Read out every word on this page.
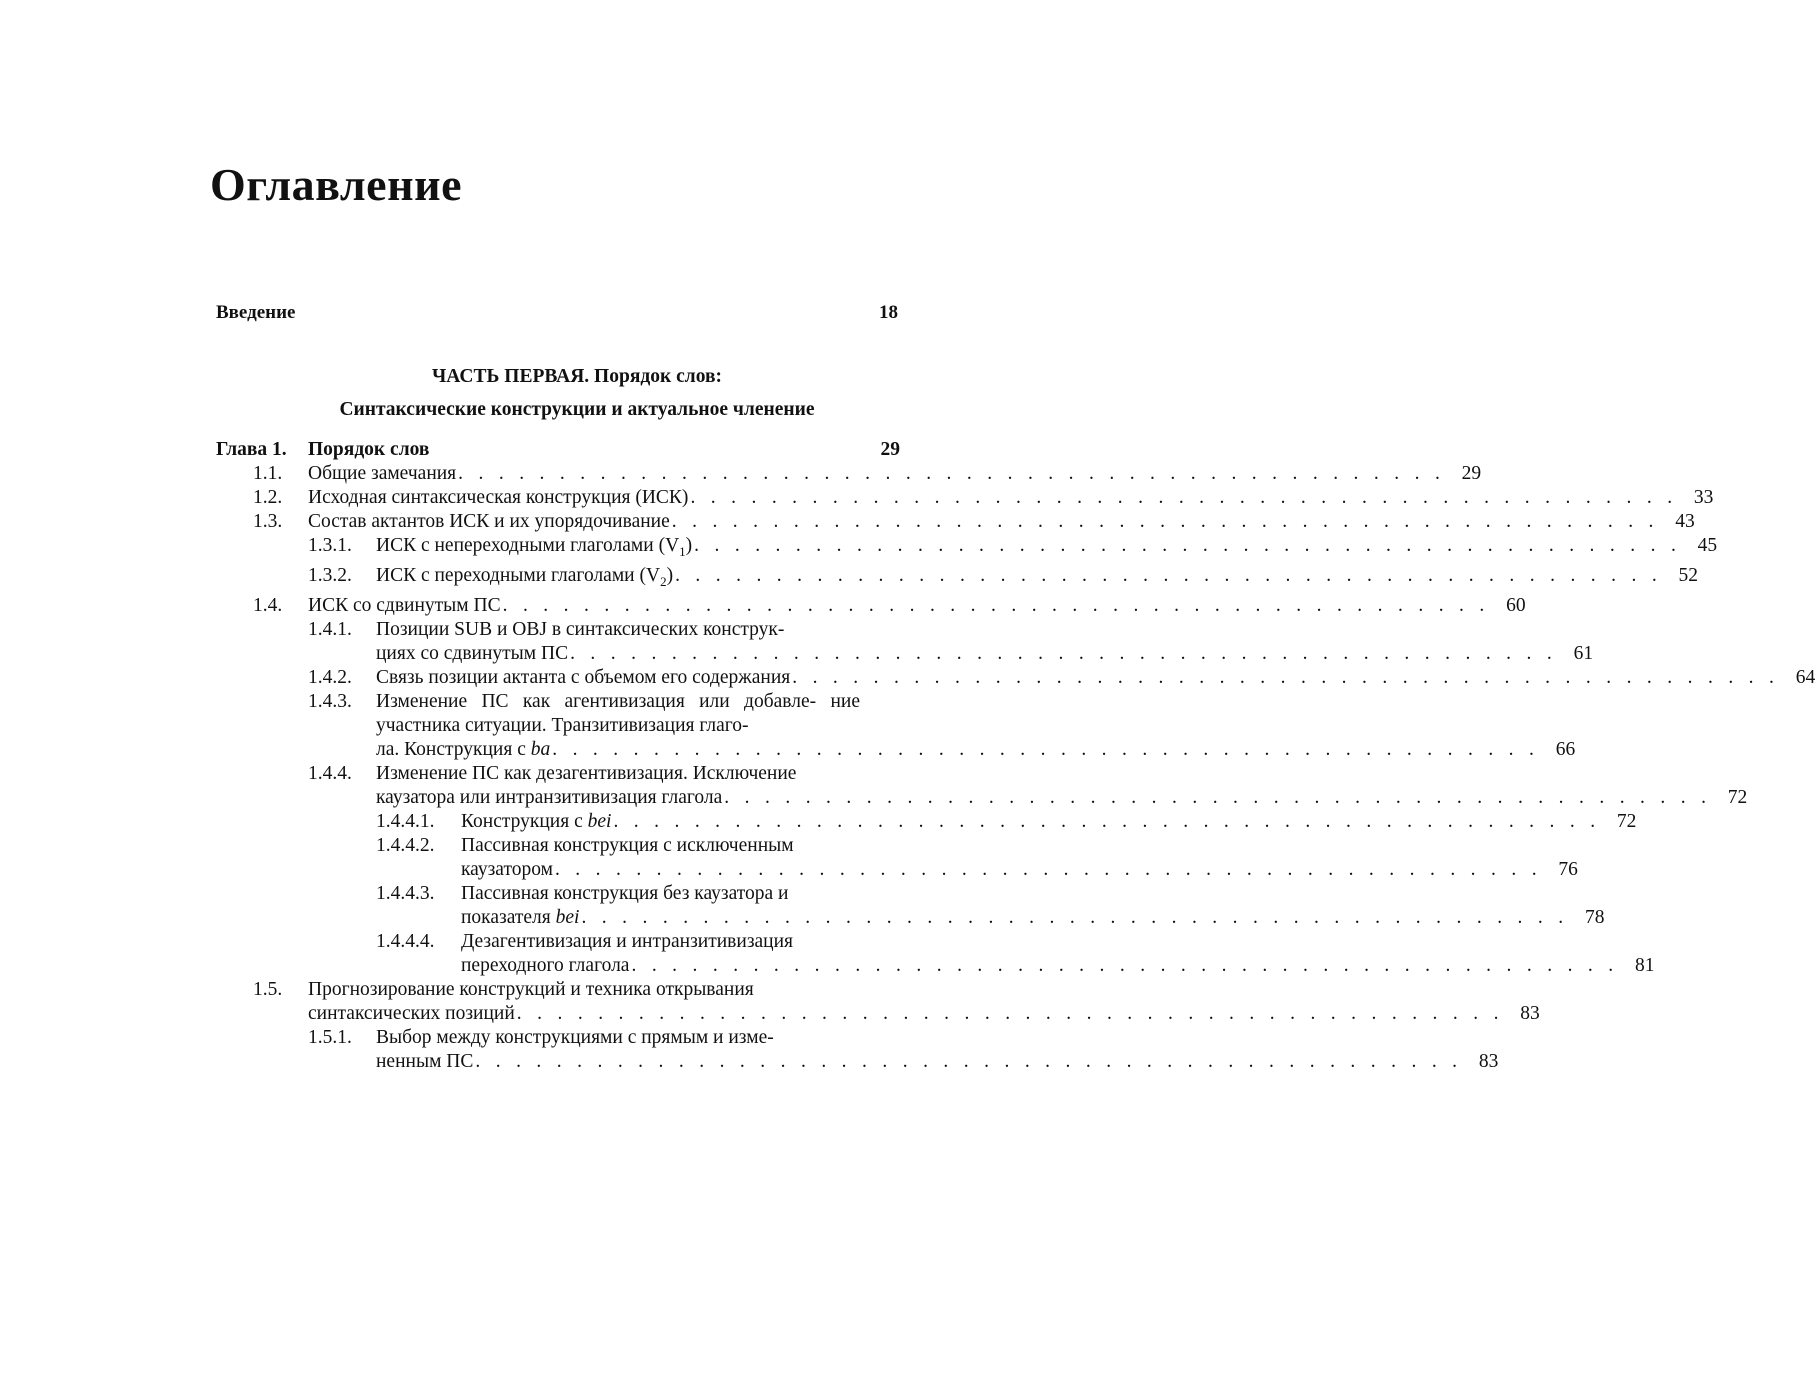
Оглавление
Введение	18
ЧАСТЬ ПЕРВАЯ. Порядок слов:
Синтаксические конструкции и актуальное членение
Глава 1. Порядок слов	29
1.1. Общие замечания . . . . . . . . . . . . . . . . . . . . . . . . . . . . . . . . . . . . . . . . . . . . . . . . . 29
1.2. Исходная синтаксическая конструкция (ИСК) . . . . . . . . . . . . . . . . . . . . . . . . . . . . . . . . . . . . . . . . . . . . . . . . . 33
1.3. Состав актантов ИСК и их упорядочивание . . . . . . . . . . . . . . . . . . . . . . . . . . . . . . . . . . . . . . . . . . . . . . . . . 43
1.3.1. ИСК с непереходными глаголами $(V_1)$ . . . . . . . . . . . . . . . . . . . . . . . . . . . . . . . . . . . . . . . . . . . . . . . . . 45
1.3.2. ИСК с переходными глаголами $(V_2)$ . . . . . . . . . . . . . . . . . . . . . . . . . . . . . . . . . . . . . . . . . . . . . . . . . 52
1.4. ИСК со сдвинутым ПС . . . . . . . . . . . . . . . . . . . . . . . . . . . . . . . . . . . . . . . . . . . . . . . . . 60
1.4.1. Позиции SUB и OBJ в синтаксических конструк-
циях со сдвинутым ПС . . . . . . . . . . . . . . . . . . . . . . . . . . . . . . . . . . . . . . . . . . . . . . . . . 61
1.4.2. Связь позиции актанта с объемом его содержания . . . . . . . . . . . . . . . . . . . . . . . . . . . . . . . . . . . . . . . . . . . . . . . . . 64
1.4.3. Изменение ПС как агентивизация или добавле- ние участника ситуации. Транзитивизация глаго-
ла. Конструкция с ba . . . . . . . . . . . . . . . . . . . . . . . . . . . . . . . . . . . . . . . . . . . . . . . . . 66
1.4.4. Изменение ПС как дезагентивизация. Исключение
каузатора или интранзитивизация глагола . . . . . . . . . . . . . . . . . . . . . . . . . . . . . . . . . . . . . . . . . . . . . . . . . 72
1.4.4.1. Конструкция с bei . . . . . . . . . . . . . . . . . . . . . . . . . . . . . . . . . . . . . . . . . . . . . . . . . 72
1.4.4.2. Пассивная конструкция с исключенным
каузатором . . . . . . . . . . . . . . . . . . . . . . . . . . . . . . . . . . . . . . . . . . . . . . . . . 76
1.4.4.3. Пассивная конструкция без каузатора и
показателя bei . . . . . . . . . . . . . . . . . . . . . . . . . . . . . . . . . . . . . . . . . . . . . . . . . 78
1.4.4.4. Дезагентивизация и интранзитивизация
переходного глагола . . . . . . . . . . . . . . . . . . . . . . . . . . . . . . . . . . . . . . . . . . . . . . . . . 81
1.5. Прогнозирование конструкций и техника открывания
синтаксических позиций . . . . . . . . . . . . . . . . . . . . . . . . . . . . . . . . . . . . . . . . . . . . . . . . . 83
1.5.1. Выбор между конструкциями с прямым и изме-
ненным ПС . . . . . . . . . . . . . . . . . . . . . . . . . . . . . . . . . . . . . . . . . . . . . . . . . 83
